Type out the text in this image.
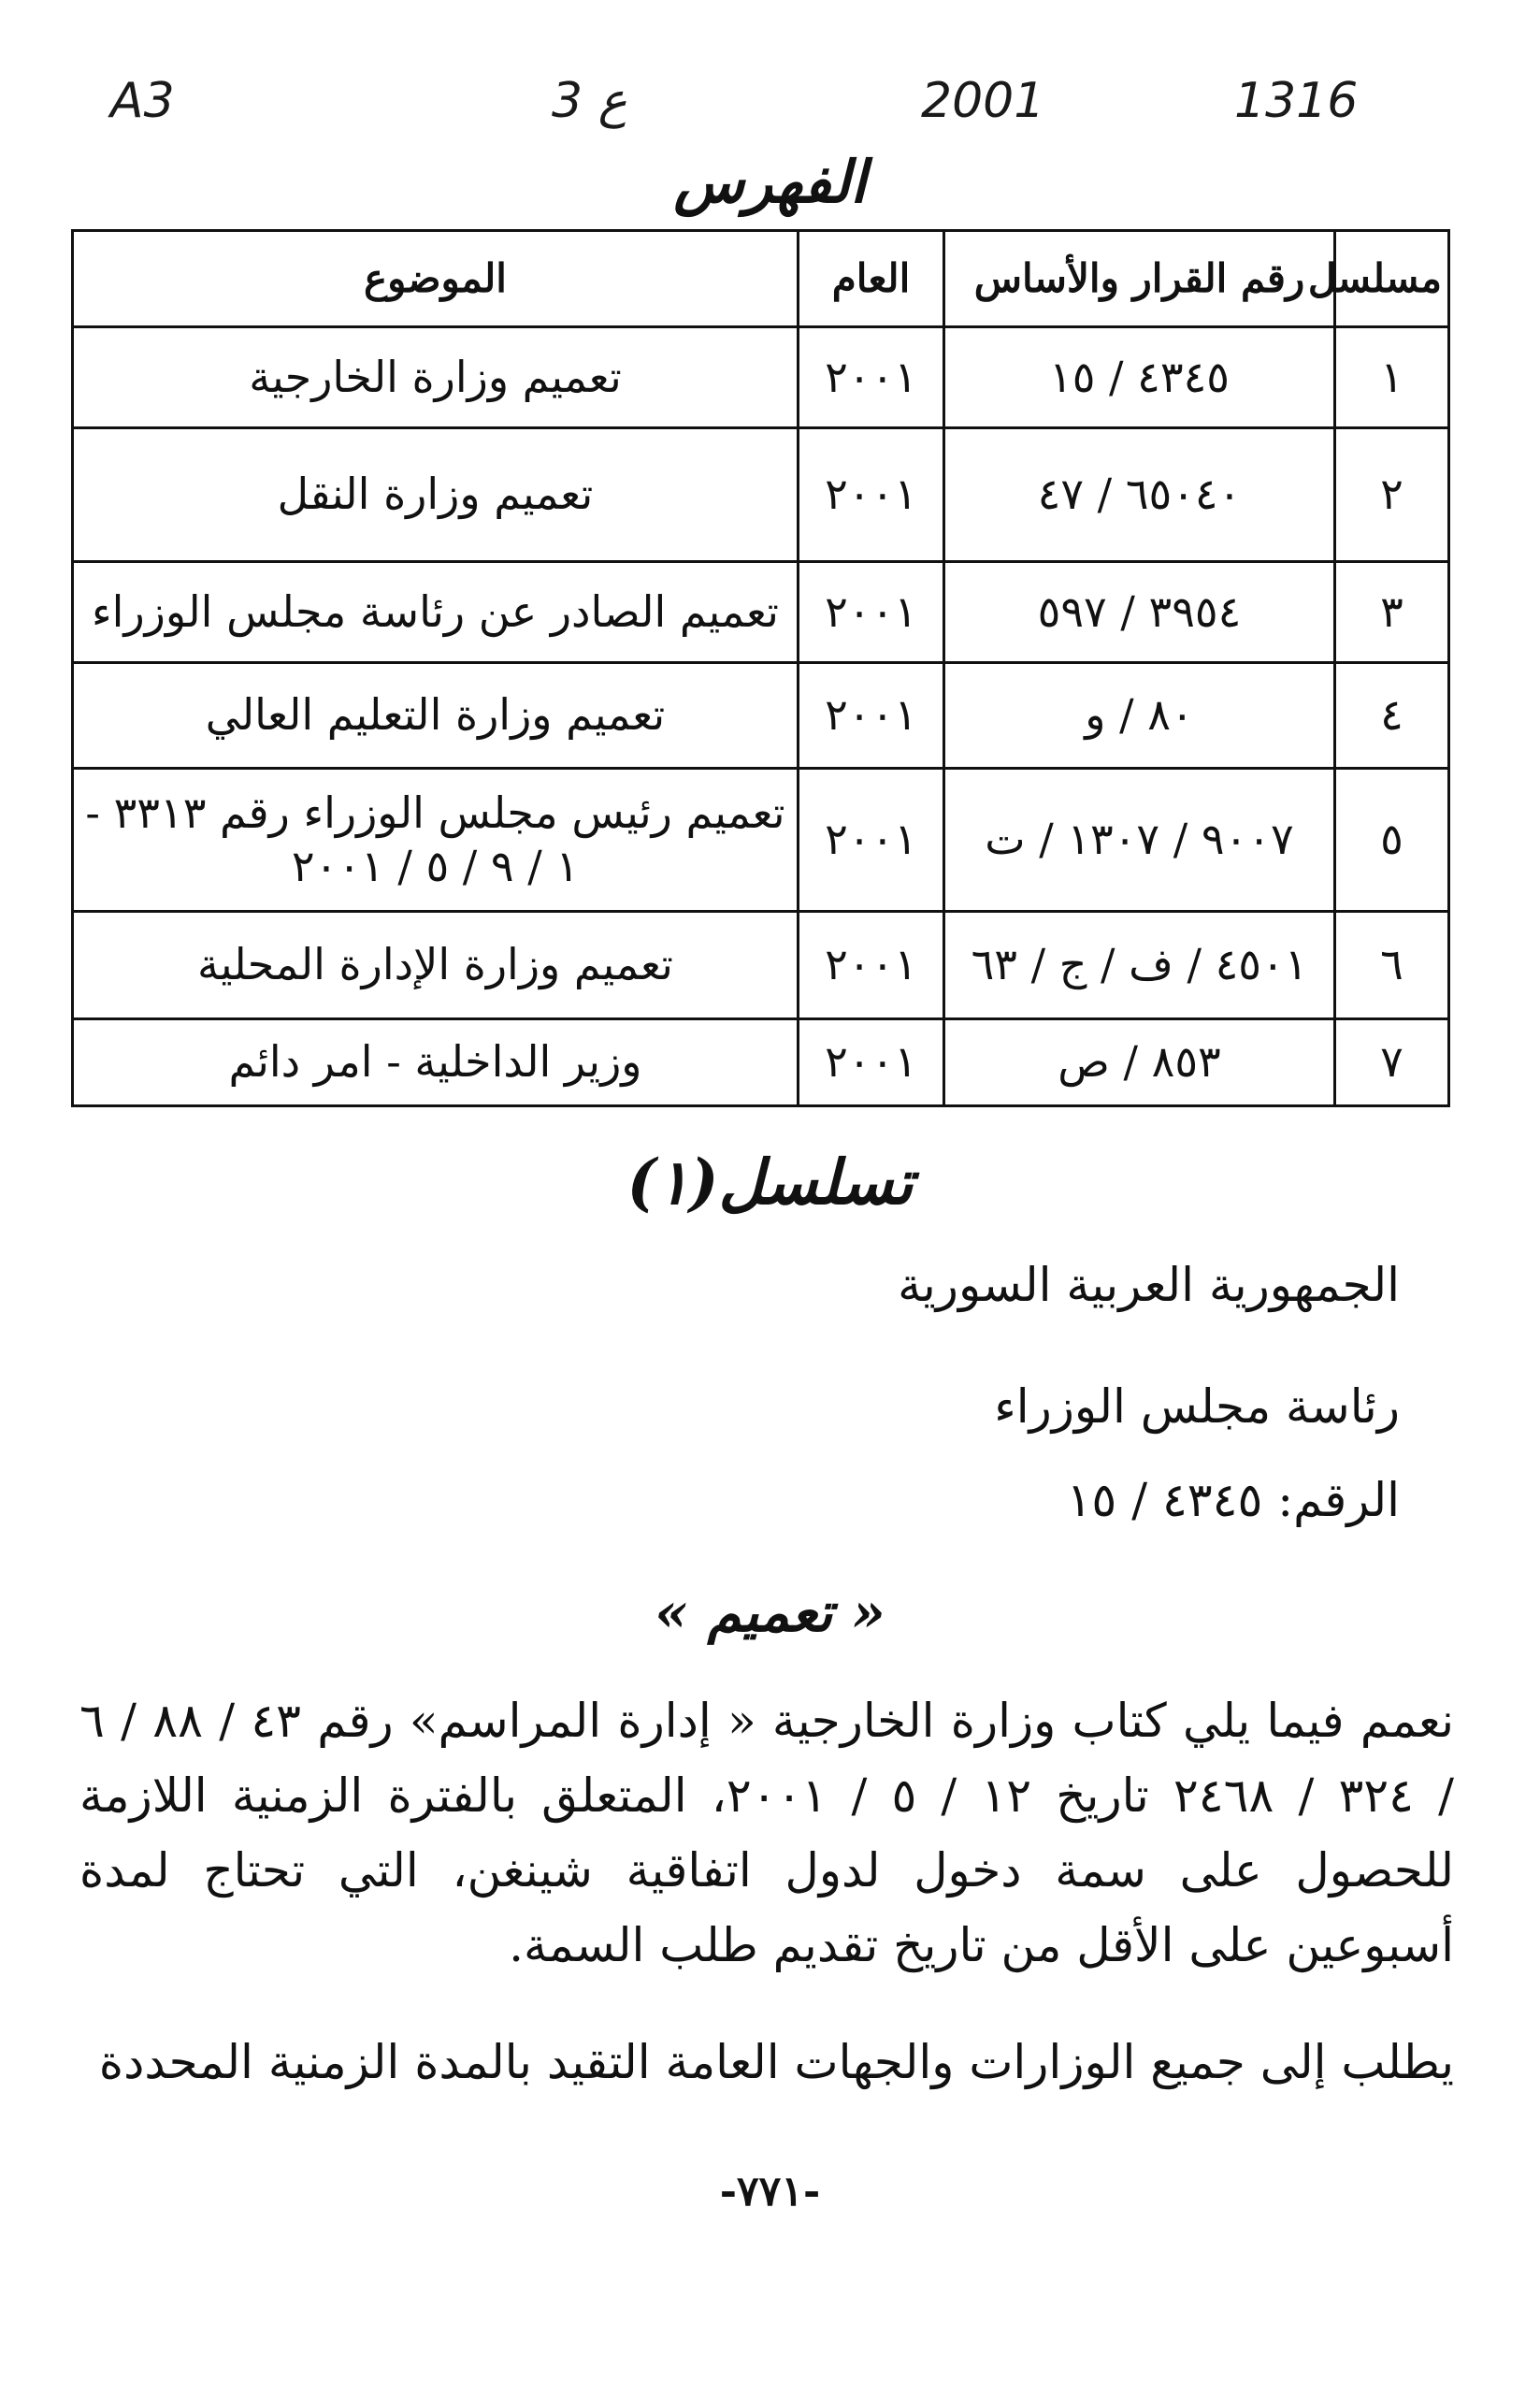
A3	3 ع	2001	1316
الفهرس
مسلسل	رقم القرار والأساس	العام	الموضوع
١	٤٣٤٥ / ١٥	٢٠٠١	تعميم وزارة الخارجية
٢	٦٥٠٤٠ / ٤٧	٢٠٠١	تعميم وزارة النقل
٣	٣٩٥٤ / ٥٩٧	٢٠٠١	تعميم الصادر عن رئاسة مجلس الوزراء
٤	٨٠ / و	٢٠٠١	تعميم وزارة التعليم العالي
٥	٩٠٠٧ / ١٣٠٧ / ت	٢٠٠١	تعميم رئيس مجلس الوزراء رقم ٣٣١٣ - ١ / ٩ / ٥ / ٢٠٠١
٦	٤٥٠١ / ف / ج / ٦٣	٢٠٠١	تعميم وزارة الإدارة المحلية
٧	٨٥٣ / ص	٢٠٠١	وزير الداخلية - امر دائم
تسلسل(١)
الجمهورية العربية السورية
رئاسة مجلس الوزراء
الرقم: ٤٣٤٥ / ١٥
« تعميم »
نعمم فيما يلي كتاب وزارة الخارجية « إدارة المراسم» رقم ٤٣ / ٨٨ / ٦ / ٣٢٤ / ٢٤٦٨ تاريخ ١٢ / ٥ / ٢٠٠١، المتعلق بالفترة الزمنية اللازمة للحصول على سمة دخول لدول اتفاقية شينغن، التي تحتاج لمدة أسبوعين على الأقل من تاريخ تقديم طلب السمة.
يطلب إلى جميع الوزارات والجهات العامة التقيد بالمدة الزمنية المحددة
-٧٧١-
